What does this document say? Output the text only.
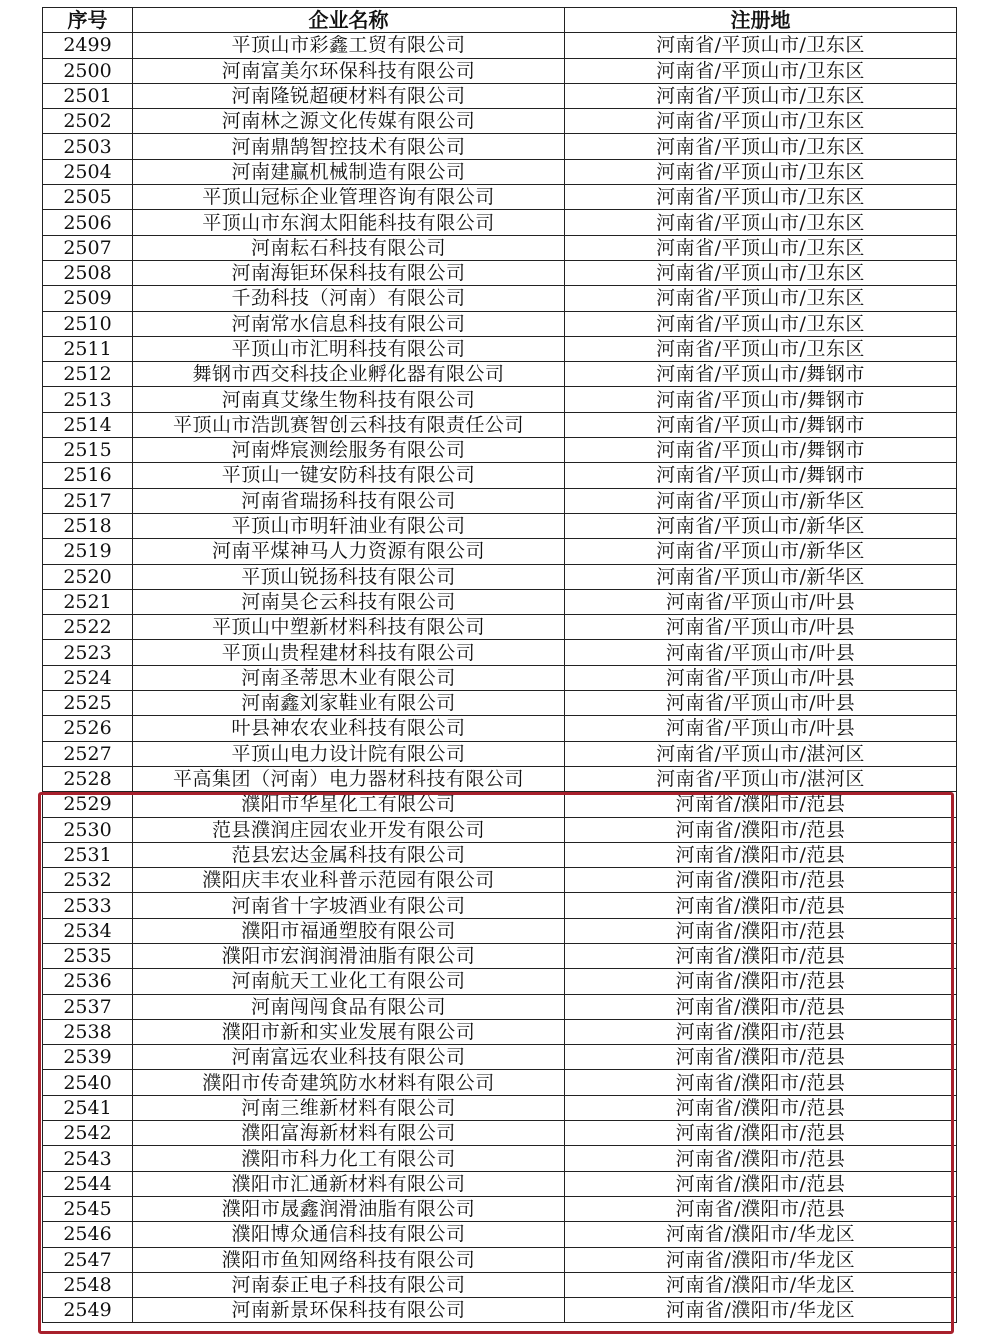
序号	企业名称	注册地
2499	平顶山市彩鑫工贸有限公司	河南省/平顶山市/卫东区
2500	河南富美尔环保科技有限公司	河南省/平顶山市/卫东区
2501	河南隆锐超硬材料有限公司	河南省/平顶山市/卫东区
2502	河南林之源文化传媒有限公司	河南省/平顶山市/卫东区
2503	河南鼎鹄智控技术有限公司	河南省/平顶山市/卫东区
2504	河南建赢机械制造有限公司	河南省/平顶山市/卫东区
2505	平顶山冠标企业管理咨询有限公司	河南省/平顶山市/卫东区
2506	平顶山市东润太阳能科技有限公司	河南省/平顶山市/卫东区
2507	河南耘石科技有限公司	河南省/平顶山市/卫东区
2508	河南海钜环保科技有限公司	河南省/平顶山市/卫东区
2509	千劲科技（河南）有限公司	河南省/平顶山市/卫东区
2510	河南常水信息科技有限公司	河南省/平顶山市/卫东区
2511	平顶山市汇明科技有限公司	河南省/平顶山市/卫东区
2512	舞钢市西交科技企业孵化器有限公司	河南省/平顶山市/舞钢市
2513	河南真艾缘生物科技有限公司	河南省/平顶山市/舞钢市
2514	平顶山市浩凯赛智创云科技有限责任公司	河南省/平顶山市/舞钢市
2515	河南烨宸测绘服务有限公司	河南省/平顶山市/舞钢市
2516	平顶山一键安防科技有限公司	河南省/平顶山市/舞钢市
2517	河南省瑞扬科技有限公司	河南省/平顶山市/新华区
2518	平顶山市明轩油业有限公司	河南省/平顶山市/新华区
2519	河南平煤神马人力资源有限公司	河南省/平顶山市/新华区
2520	平顶山锐扬科技有限公司	河南省/平顶山市/新华区
2521	河南昊仑云科技有限公司	河南省/平顶山市/叶县
2522	平顶山中塑新材料科技有限公司	河南省/平顶山市/叶县
2523	平顶山贵程建材科技有限公司	河南省/平顶山市/叶县
2524	河南圣蒂思木业有限公司	河南省/平顶山市/叶县
2525	河南鑫刘家鞋业有限公司	河南省/平顶山市/叶县
2526	叶县神农农业科技有限公司	河南省/平顶山市/叶县
2527	平顶山电力设计院有限公司	河南省/平顶山市/湛河区
2528	平高集团（河南）电力器材科技有限公司	河南省/平顶山市/湛河区
2529	濮阳市华星化工有限公司	河南省/濮阳市/范县
2530	范县濮润庄园农业开发有限公司	河南省/濮阳市/范县
2531	范县宏达金属科技有限公司	河南省/濮阳市/范县
2532	濮阳庆丰农业科普示范园有限公司	河南省/濮阳市/范县
2533	河南省十字坡酒业有限公司	河南省/濮阳市/范县
2534	濮阳市福通塑胶有限公司	河南省/濮阳市/范县
2535	濮阳市宏润润滑油脂有限公司	河南省/濮阳市/范县
2536	河南航天工业化工有限公司	河南省/濮阳市/范县
2537	河南闯闯食品有限公司	河南省/濮阳市/范县
2538	濮阳市新和实业发展有限公司	河南省/濮阳市/范县
2539	河南富远农业科技有限公司	河南省/濮阳市/范县
2540	濮阳市传奇建筑防水材料有限公司	河南省/濮阳市/范县
2541	河南三维新材料有限公司	河南省/濮阳市/范县
2542	濮阳富海新材料有限公司	河南省/濮阳市/范县
2543	濮阳市科力化工有限公司	河南省/濮阳市/范县
2544	濮阳市汇通新材料有限公司	河南省/濮阳市/范县
2545	濮阳市晟鑫润滑油脂有限公司	河南省/濮阳市/范县
2546	濮阳博众通信科技有限公司	河南省/濮阳市/华龙区
2547	濮阳市鱼知网络科技有限公司	河南省/濮阳市/华龙区
2548	河南泰正电子科技有限公司	河南省/濮阳市/华龙区
2549	河南新景环保科技有限公司	河南省/濮阳市/华龙区
